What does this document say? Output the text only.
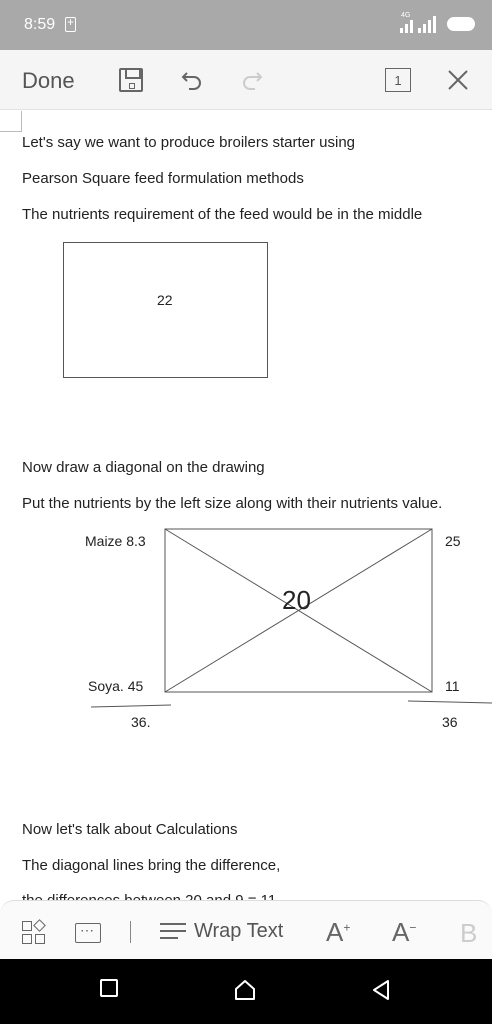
8:59
+
4G
Done	1
Let's say we want to produce broilers starter using
Pearson Square feed formulation methods
The nutrients requirement of the feed would be in the middle
22
Now draw a diagonal on the drawing
Put the nutrients by the left size along with their nutrients value.
Maize 8.3
Soya. 45
25
11
20
36.	36
Now let's talk about Calculations
The diagonal lines bring the difference,
⋯
Wrap Text A+ A− B
